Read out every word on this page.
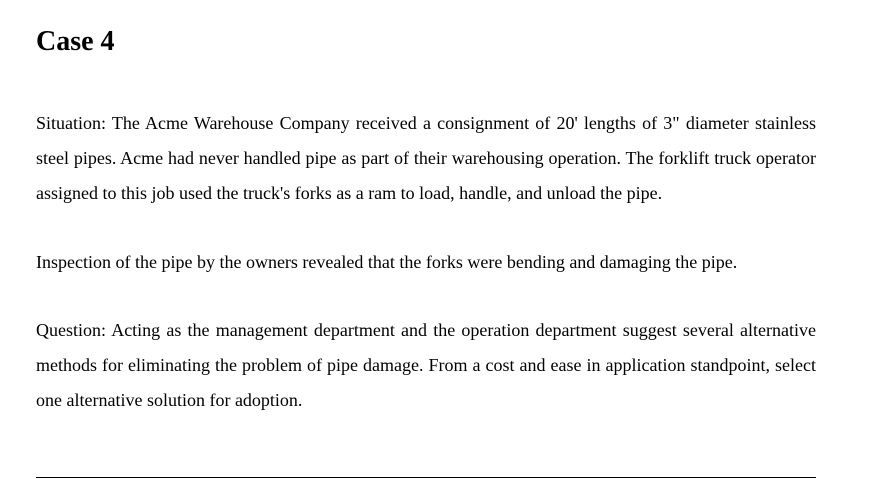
Case 4

Situation: The Acme Warehouse Company received a consignment of 20' lengths of 3" diameter stainless steel pipes. Acme had never handled pipe as part of their warehousing operation. The forklift truck operator assigned to this job used the truck's forks as a ram to load, handle, and unload the pipe.

Inspection of the pipe by the owners revealed that the forks were bending and damaging the pipe.

Question: Acting as the management department and the operation department suggest several alternative methods for eliminating the problem of pipe damage. From a cost and ease in application standpoint, select one alternative solution for adoption.
